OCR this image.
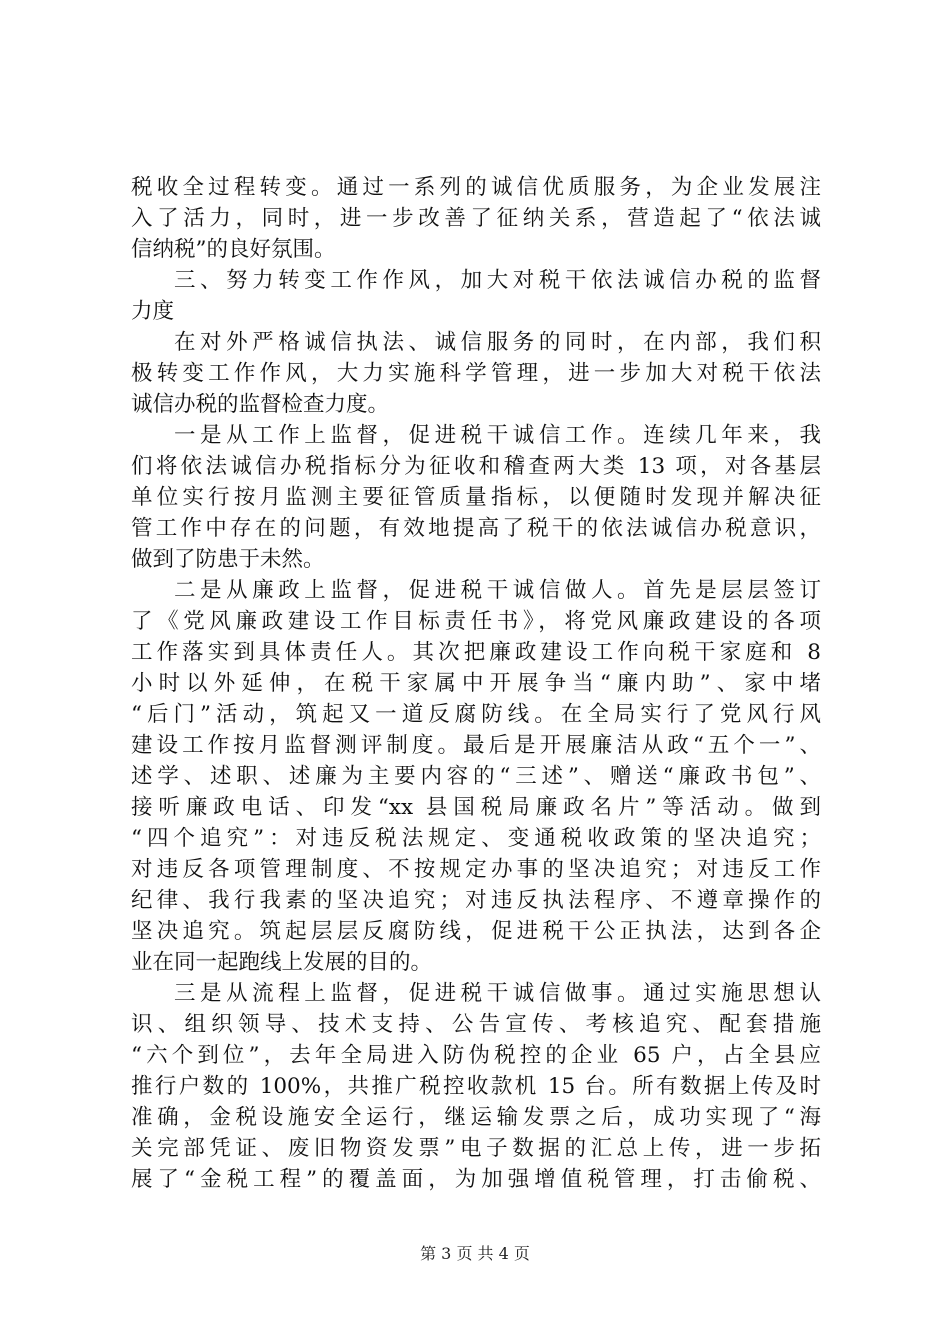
税收全过程转变。通过一系列的诚信优质服务，为企业发展注
入了活力，同时，进一步改善了征纳关系，营造起了“依法诚
信纳税”的良好氛围。
三、努力转变工作作风，加大对税干依法诚信办税的监督
力度
在对外严格诚信执法、诚信服务的同时，在内部，我们积
极转变工作作风，大力实施科学管理，进一步加大对税干依法
诚信办税的监督检查力度。
一是从工作上监督，促进税干诚信工作。连续几年来，我
们将依法诚信办税指标分为征收和稽查两大类 13 项，对各基层
单位实行按月监测主要征管质量指标，以便随时发现并解决征
管工作中存在的问题，有效地提高了税干的依法诚信办税意识，
做到了防患于未然。
二是从廉政上监督，促进税干诚信做人。首先是层层签订
了《党风廉政建设工作目标责任书》，将党风廉政建设的各项
工作落实到具体责任人。其次把廉政建设工作向税干家庭和 8
小时以外延伸，在税干家属中开展争当“廉内助”、家中堵
“后门”活动，筑起又一道反腐防线。在全局实行了党风行风
建设工作按月监督测评制度。最后是开展廉洁从政“五个一”、
述学、述职、述廉为主要内容的“三述”、赠送“廉政书包”、
接听廉政电话、印发“xx 县国税局廉政名片”等活动。做到
“四个追究”：对违反税法规定、变通税收政策的坚决追究；
对违反各项管理制度、不按规定办事的坚决追究；对违反工作
纪律、我行我素的坚决追究；对违反执法程序、不遵章操作的
坚决追究。筑起层层反腐防线，促进税干公正执法，达到各企
业在同一起跑线上发展的目的。
三是从流程上监督，促进税干诚信做事。通过实施思想认
识、组织领导、技术支持、公告宣传、考核追究、配套措施
“六个到位”，去年全局进入防伪税控的企业 65 户，占全县应
推行户数的 100%，共推广税控收款机 15 台。所有数据上传及时
准确，金税设施安全运行，继运输发票之后，成功实现了“海
关完部凭证、废旧物资发票”电子数据的汇总上传，进一步拓
展了“金税工程”的覆盖面，为加强增值税管理，打击偷税、
第 3 页 共 4 页
